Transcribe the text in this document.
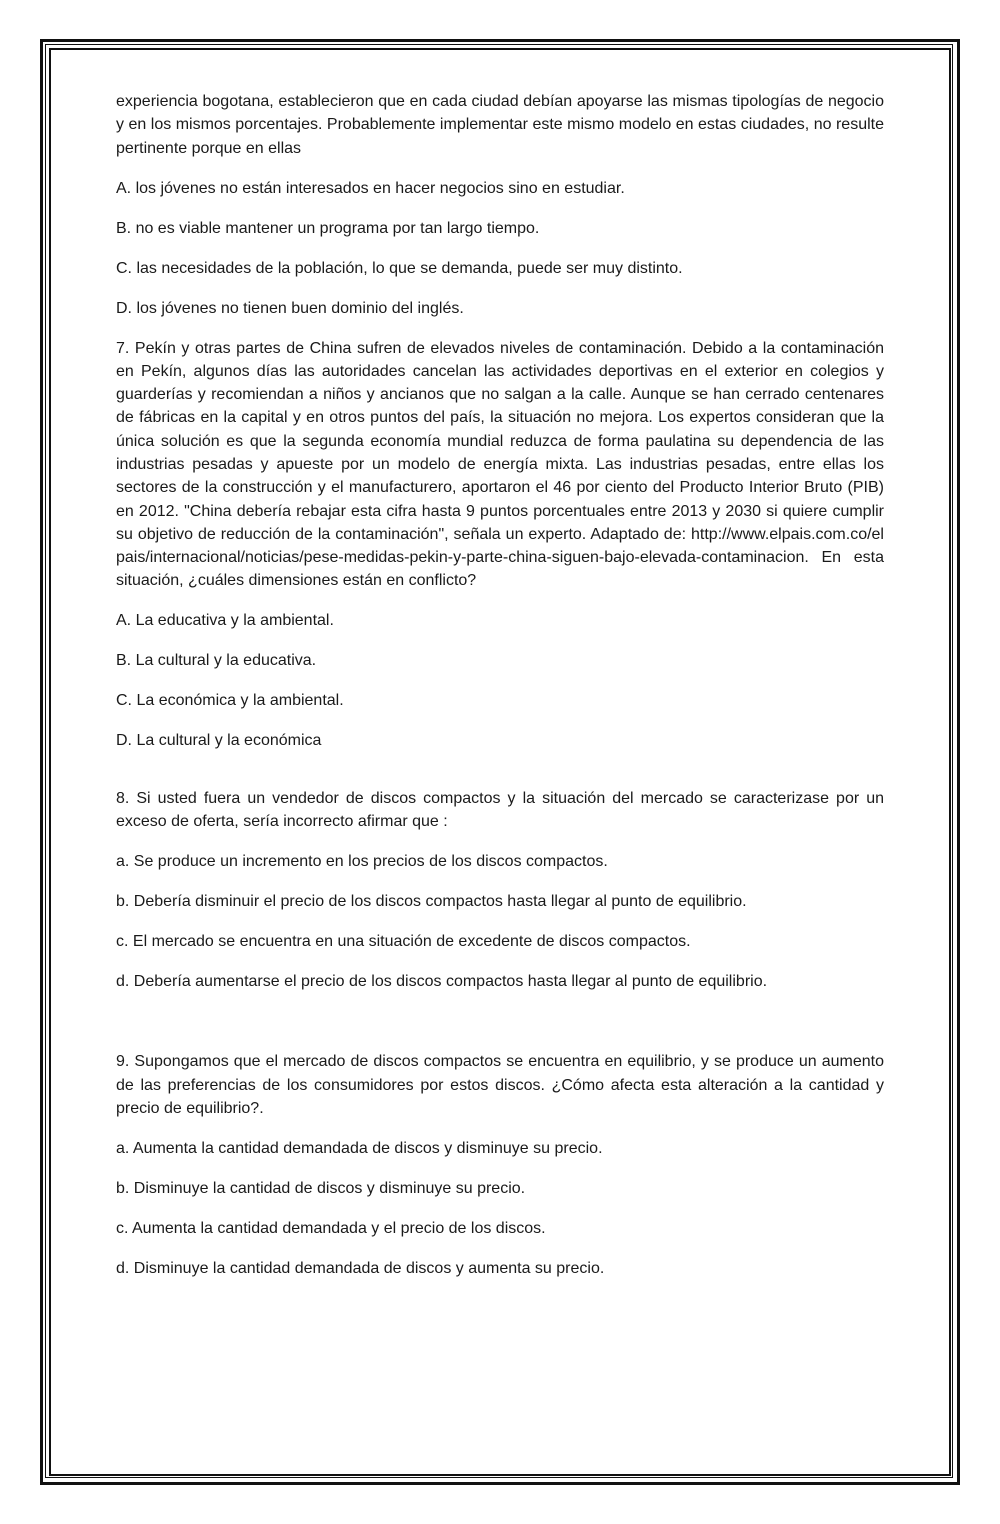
experiencia bogotana, establecieron que en cada ciudad debían apoyarse las mismas tipologías de negocio y en los mismos porcentajes. Probablemente implementar este mismo modelo en estas ciudades, no resulte pertinente porque en ellas

A. los jóvenes no están interesados en hacer negocios sino en estudiar.

B. no es viable mantener un programa por tan largo tiempo.

C. las necesidades de la población, lo que se demanda, puede ser muy distinto.

D. los jóvenes no tienen buen dominio del inglés.

7. Pekín y otras partes de China sufren de elevados niveles de contaminación. Debido a la contaminación en Pekín, algunos días las autoridades cancelan las actividades deportivas en el exterior en colegios y guarderías y recomiendan a niños y ancianos que no salgan a la calle. Aunque se han cerrado centenares de fábricas en la capital y en otros puntos del país, la situación no mejora. Los expertos consideran que la única solución es que la segunda economía mundial reduzca de forma paulatina su dependencia de las industrias pesadas y apueste por un modelo de energía mixta. Las industrias pesadas, entre ellas los sectores de la construcción y el manufacturero, aportaron el 46 por ciento del Producto Interior Bruto (PIB) en 2012. "China debería rebajar esta cifra hasta 9 puntos porcentuales entre 2013 y 2030 si quiere cumplir su objetivo de reducción de la contaminación", señala un experto. Adaptado de: http://www.elpais.com.co/elpais/internacional/noticias/pese-medidas-pekin-y-parte-china-siguen-bajo-elevada-contaminacion. En esta situación, ¿cuáles dimensiones están en conflicto?

A. La educativa y la ambiental.

B. La cultural y la educativa.

C. La económica y la ambiental.

D. La cultural y la económica

8. Si usted fuera un vendedor de discos compactos y la situación del mercado se caracterizase por un exceso de oferta, sería incorrecto afirmar que :

a. Se produce un incremento en los precios de los discos compactos.

b. Debería disminuir el precio de los discos compactos hasta llegar al punto de equilibrio.

c. El mercado se encuentra en una situación de excedente de discos compactos.

d. Debería aumentarse el precio de los discos compactos hasta llegar al punto de equilibrio.

9. Supongamos que el mercado de discos compactos se encuentra en equilibrio, y se produce un aumento de las preferencias de los consumidores por estos discos. ¿Cómo afecta esta alteración a la cantidad y precio de equilibrio?.

a. Aumenta la cantidad demandada de discos y disminuye su precio.

b. Disminuye la cantidad de discos y disminuye su precio.

c. Aumenta la cantidad demandada y el precio de los discos.

d. Disminuye la cantidad demandada de discos y aumenta su precio.
